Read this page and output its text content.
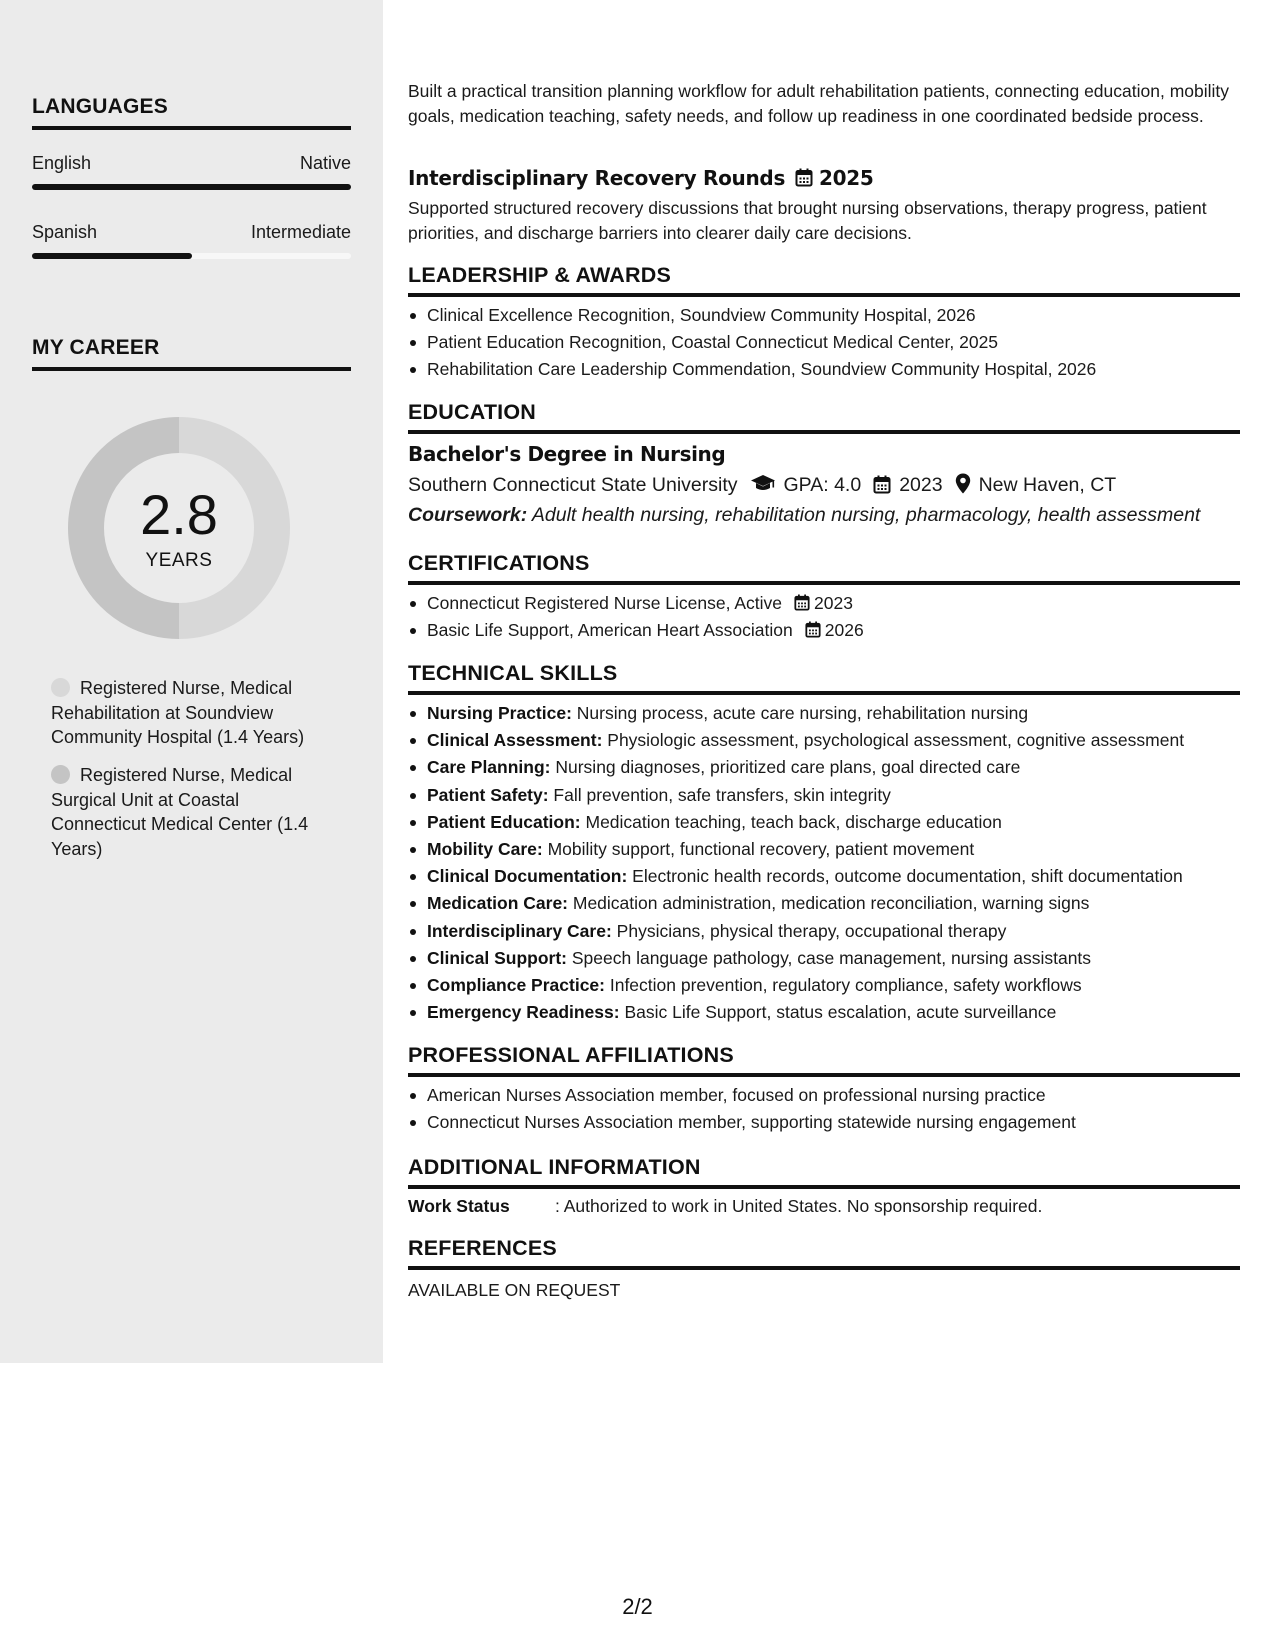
LANGUAGES
English	Native
Spanish	Intermediate
MY CAREER
2.8
YEARS
Registered Nurse, Medical Rehabilitation at Soundview Community Hospital (1.4 Years)
Registered Nurse, Medical Surgical Unit at Coastal Connecticut Medical Center (1.4 Years)
Built a practical transition planning workflow for adult rehabilitation patients, connecting education, mobility goals, medication teaching, safety needs, and follow up readiness in one coordinated bedside process.
Interdisciplinary Recovery Rounds 2025
Supported structured recovery discussions that brought nursing observations, therapy progress, patient priorities, and discharge barriers into clearer daily care decisions.
LEADERSHIP & AWARDS
Clinical Excellence Recognition, Soundview Community Hospital, 2026
Patient Education Recognition, Coastal Connecticut Medical Center, 2025
Rehabilitation Care Leadership Commendation, Soundview Community Hospital, 2026
EDUCATION
Bachelor's Degree in Nursing
Southern Connecticut State University GPA: 4.0 2023 New Haven, CT
Coursework: Adult health nursing, rehabilitation nursing, pharmacology, health assessment
CERTIFICATIONS
Connecticut Registered Nurse License, Active 2023
Basic Life Support, American Heart Association 2026
TECHNICAL SKILLS
Nursing Practice: Nursing process, acute care nursing, rehabilitation nursing
Clinical Assessment: Physiologic assessment, psychological assessment, cognitive assessment
Care Planning: Nursing diagnoses, prioritized care plans, goal directed care
Patient Safety: Fall prevention, safe transfers, skin integrity
Patient Education: Medication teaching, teach back, discharge education
Mobility Care: Mobility support, functional recovery, patient movement
Clinical Documentation: Electronic health records, outcome documentation, shift documentation
Medication Care: Medication administration, medication reconciliation, warning signs
Interdisciplinary Care: Physicians, physical therapy, occupational therapy
Clinical Support: Speech language pathology, case management, nursing assistants
Compliance Practice: Infection prevention, regulatory compliance, safety workflows
Emergency Readiness: Basic Life Support, status escalation, acute surveillance
PROFESSIONAL AFFILIATIONS
American Nurses Association member, focused on professional nursing practice
Connecticut Nurses Association member, supporting statewide nursing engagement
ADDITIONAL INFORMATION
Work Status	: Authorized to work in United States. No sponsorship required.
REFERENCES
AVAILABLE ON REQUEST
2/2
